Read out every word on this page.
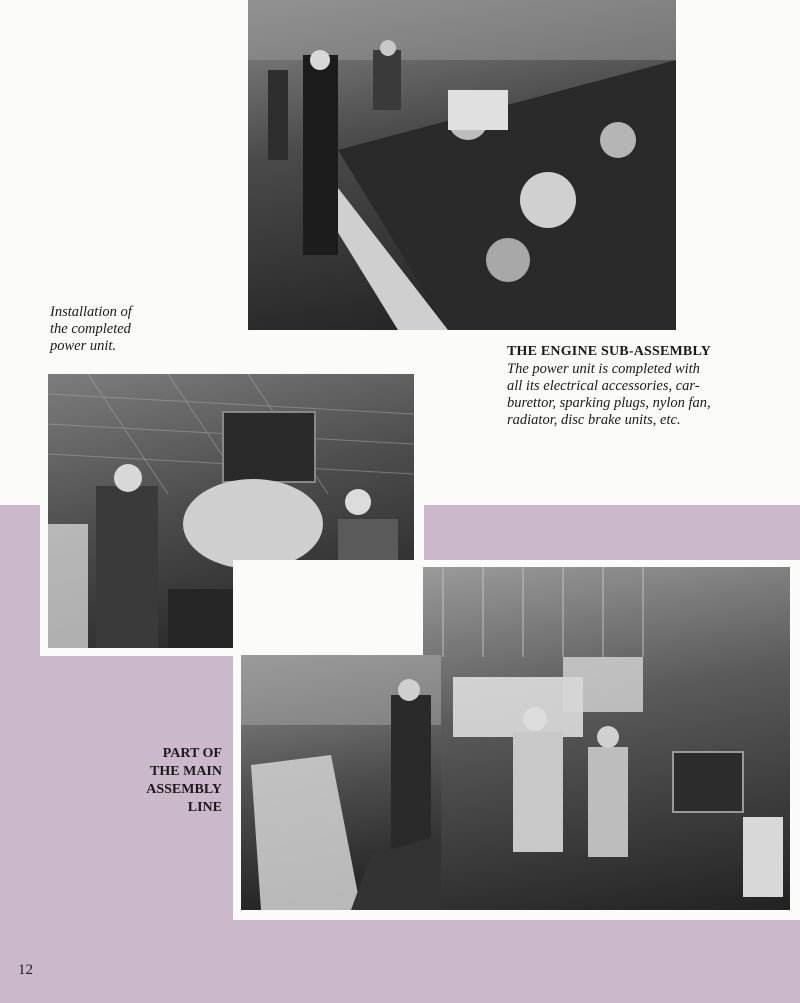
Installation of
the completed
power unit.	THE ENGINE SUB-ASSEMBLY

The power unit is completed with
all its electrical accessories, car-
burettor, sparking plugs, nylon fan,
radiator, disc brake units, etc.

PART OF
THE MAIN
ASSEMBLY
LINE

12
